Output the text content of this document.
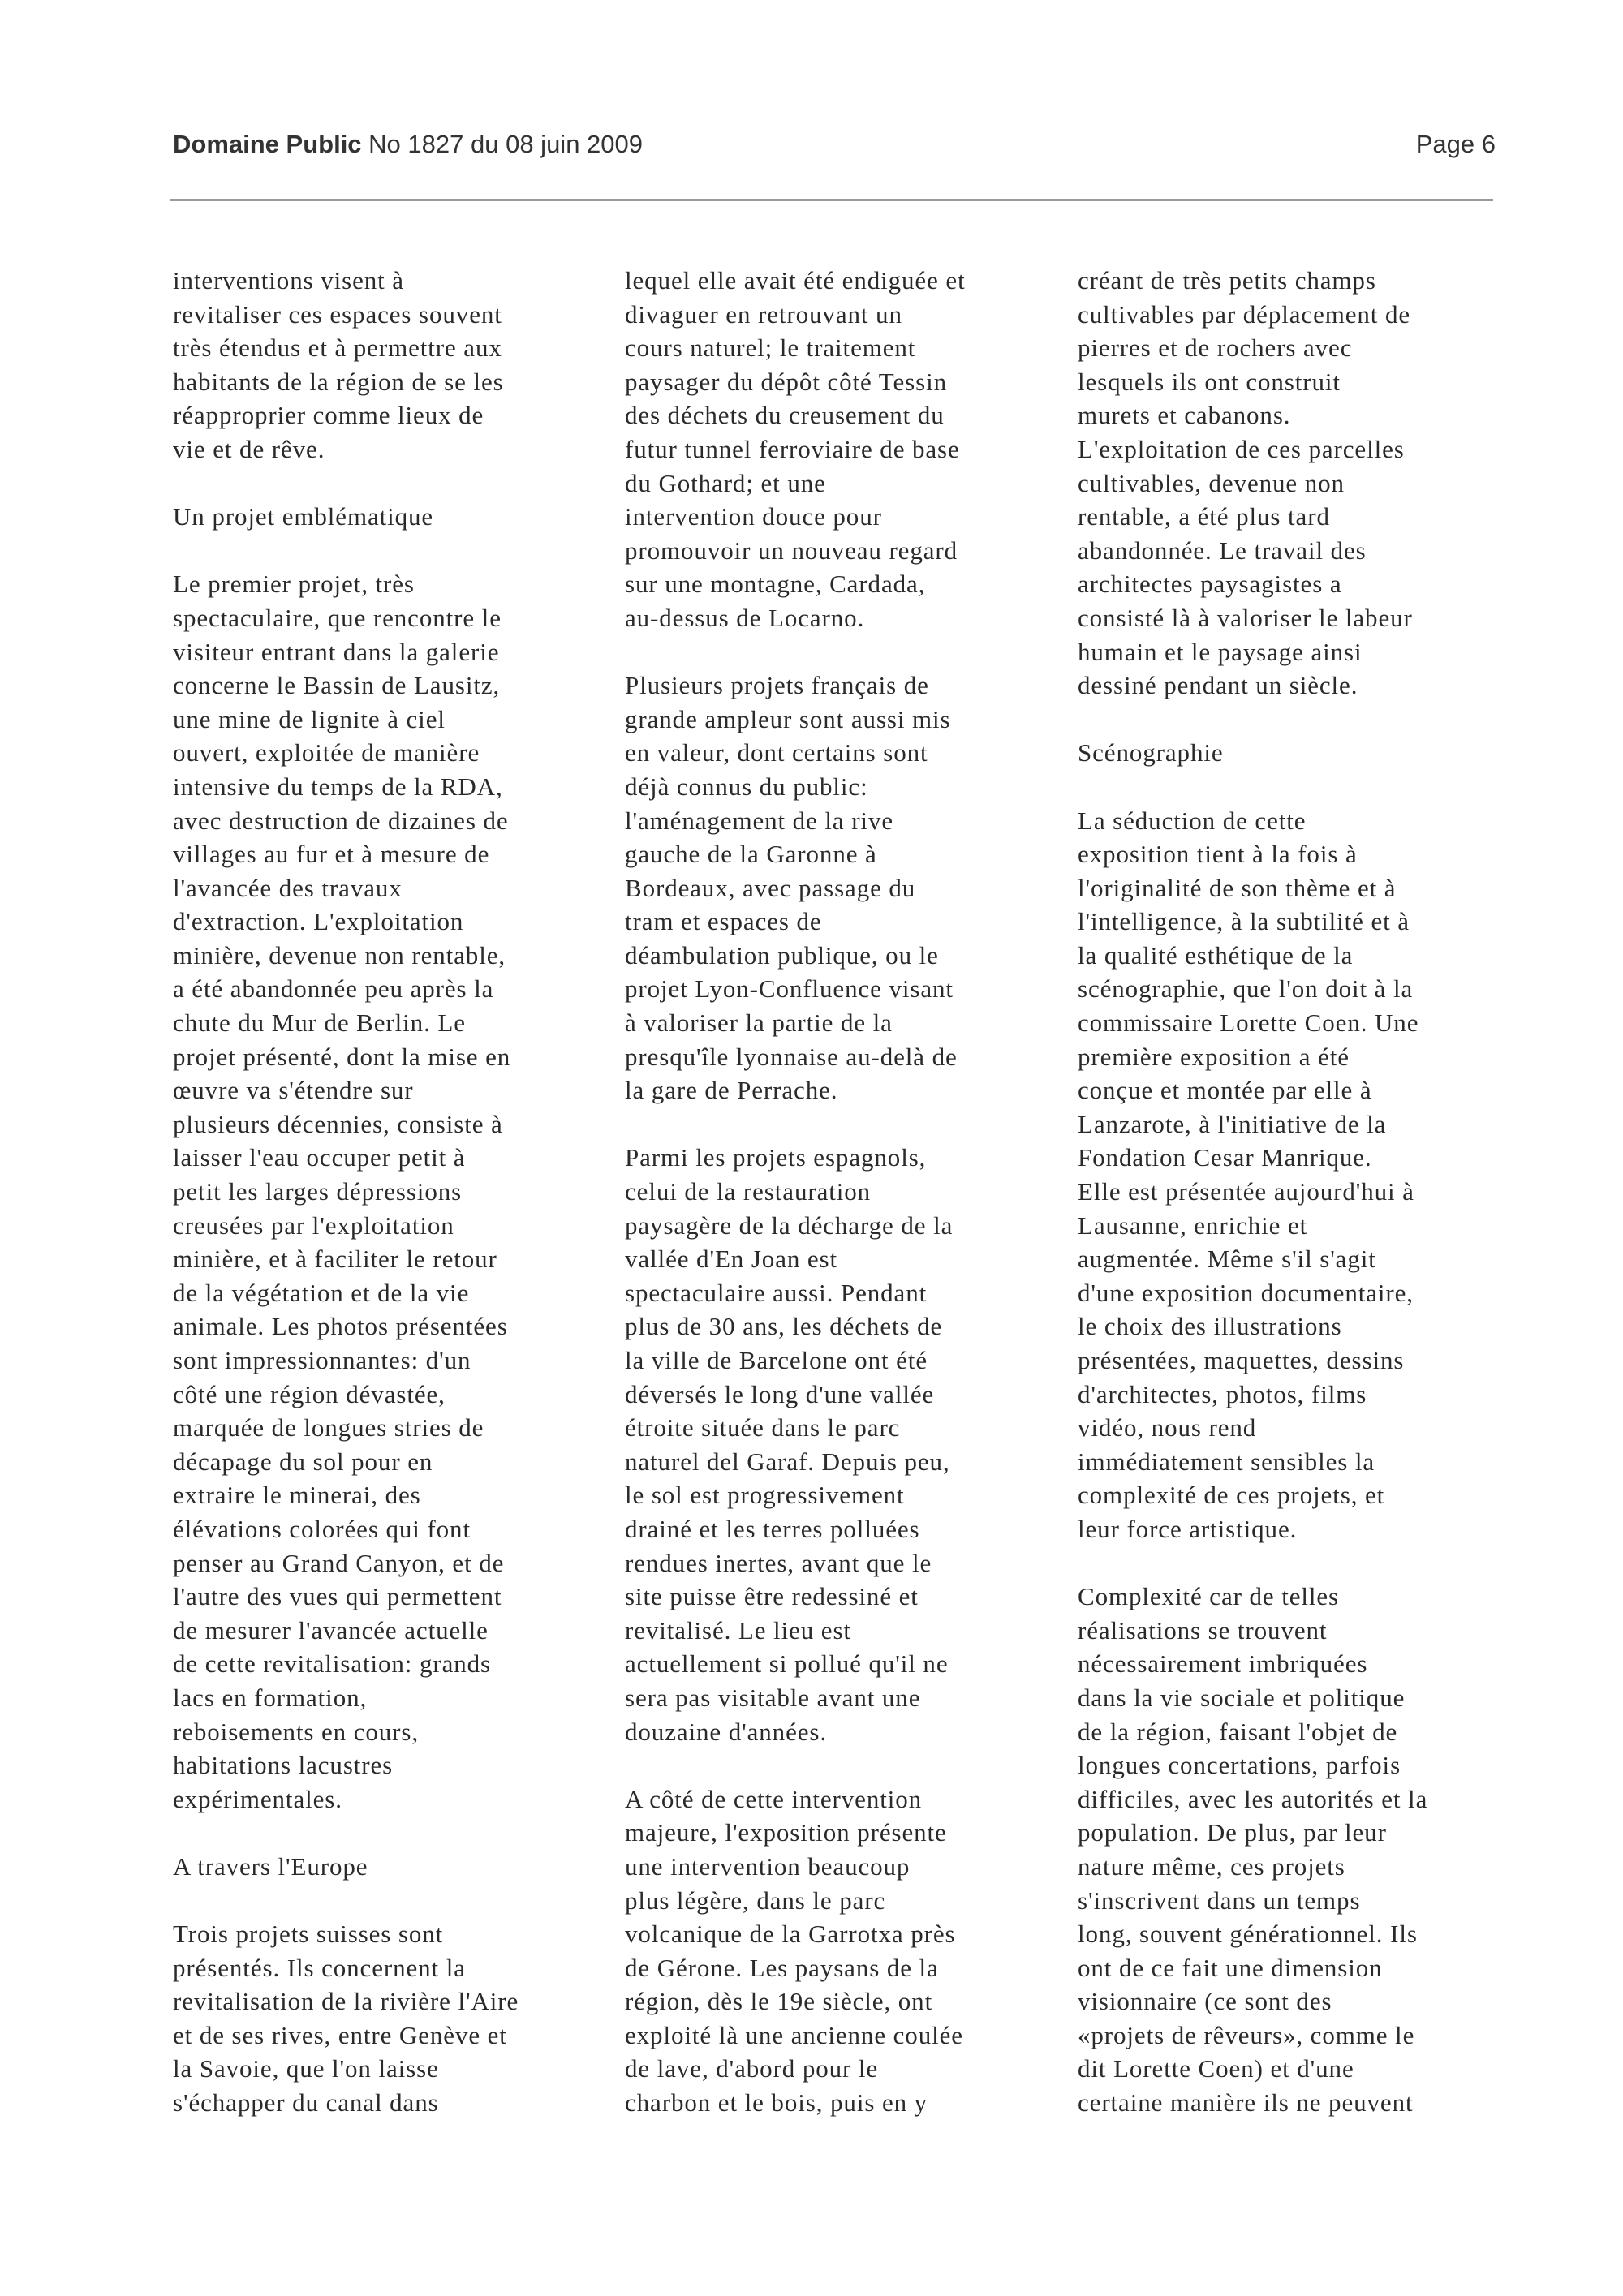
Domaine Public No 1827 du 08 juin 2009	Page 6

interventions visent à
revitaliser ces espaces souvent
très étendus et à permettre aux
habitants de la région de se les
réapproprier comme lieux de
vie et de rêve.

Un projet emblématique

Le premier projet, très
spectaculaire, que rencontre le
visiteur entrant dans la galerie
concerne le Bassin de Lausitz,
une mine de lignite à ciel
ouvert, exploitée de manière
intensive du temps de la RDA,
avec destruction de dizaines de
villages au fur et à mesure de
l'avancée des travaux
d'extraction. L'exploitation
minière, devenue non rentable,
a été abandonnée peu après la
chute du Mur de Berlin. Le
projet présenté, dont la mise en
œuvre va s'étendre sur
plusieurs décennies, consiste à
laisser l'eau occuper petit à
petit les larges dépressions
creusées par l'exploitation
minière, et à faciliter le retour
de la végétation et de la vie
animale. Les photos présentées
sont impressionnantes: d'un
côté une région dévastée,
marquée de longues stries de
décapage du sol pour en
extraire le minerai, des
élévations colorées qui font
penser au Grand Canyon, et de
l'autre des vues qui permettent
de mesurer l'avancée actuelle
de cette revitalisation: grands
lacs en formation,
reboisements en cours,
habitations lacustres
expérimentales.

A travers l'Europe

Trois projets suisses sont
présentés. Ils concernent la
revitalisation de la rivière l'Aire
et de ses rives, entre Genève et
la Savoie, que l'on laisse
s'échapper du canal dans

lequel elle avait été endiguée et
divaguer en retrouvant un
cours naturel; le traitement
paysager du dépôt côté Tessin
des déchets du creusement du
futur tunnel ferroviaire de base
du Gothard; et une
intervention douce pour
promouvoir un nouveau regard
sur une montagne, Cardada,
au-dessus de Locarno.

Plusieurs projets français de
grande ampleur sont aussi mis
en valeur, dont certains sont
déjà connus du public:
l'aménagement de la rive
gauche de la Garonne à
Bordeaux, avec passage du
tram et espaces de
déambulation publique, ou le
projet Lyon-Confluence visant
à valoriser la partie de la
presqu'île lyonnaise au-delà de
la gare de Perrache.

Parmi les projets espagnols,
celui de la restauration
paysagère de la décharge de la
vallée d'En Joan est
spectaculaire aussi. Pendant
plus de 30 ans, les déchets de
la ville de Barcelone ont été
déversés le long d'une vallée
étroite située dans le parc
naturel del Garaf. Depuis peu,
le sol est progressivement
drainé et les terres polluées
rendues inertes, avant que le
site puisse être redessiné et
revitalisé. Le lieu est
actuellement si pollué qu'il ne
sera pas visitable avant une
douzaine d'années.

A côté de cette intervention
majeure, l'exposition présente
une intervention beaucoup
plus légère, dans le parc
volcanique de la Garrotxa près
de Gérone. Les paysans de la
région, dès le 19e siècle, ont
exploité là une ancienne coulée
de lave, d'abord pour le
charbon et le bois, puis en y

créant de très petits champs
cultivables par déplacement de
pierres et de rochers avec
lesquels ils ont construit
murets et cabanons.
L'exploitation de ces parcelles
cultivables, devenue non
rentable, a été plus tard
abandonnée. Le travail des
architectes paysagistes a
consisté là à valoriser le labeur
humain et le paysage ainsi
dessiné pendant un siècle.

Scénographie

La séduction de cette
exposition tient à la fois à
l'originalité de son thème et à
l'intelligence, à la subtilité et à
la qualité esthétique de la
scénographie, que l'on doit à la
commissaire Lorette Coen. Une
première exposition a été
conçue et montée par elle à
Lanzarote, à l'initiative de la
Fondation Cesar Manrique.
Elle est présentée aujourd'hui à
Lausanne, enrichie et
augmentée. Même s'il s'agit
d'une exposition documentaire,
le choix des illustrations
présentées, maquettes, dessins
d'architectes, photos, films
vidéo, nous rend
immédiatement sensibles la
complexité de ces projets, et
leur force artistique.

Complexité car de telles
réalisations se trouvent
nécessairement imbriquées
dans la vie sociale et politique
de la région, faisant l'objet de
longues concertations, parfois
difficiles, avec les autorités et la
population. De plus, par leur
nature même, ces projets
s'inscrivent dans un temps
long, souvent générationnel. Ils
ont de ce fait une dimension
visionnaire (ce sont des
«projets de rêveurs», comme le
dit Lorette Coen) et d'une
certaine manière ils ne peuvent
